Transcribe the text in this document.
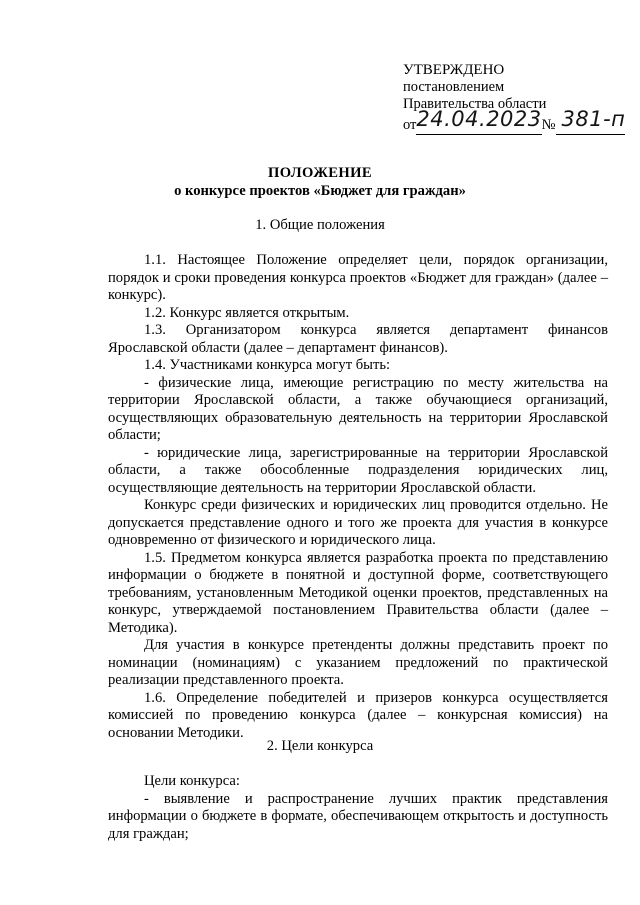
УТВЕРЖДЕНО
постановлением
Правительства области
от 24.04.2023 № 381-п
ПОЛОЖЕНИЕ
о конкурсе проектов «Бюджет для граждан»
1. Общие положения

1.1. Настоящее Положение определяет цели, порядок организации, порядок и сроки проведения конкурса проектов «Бюджет для граждан» (далее – конкурс).

1.2. Конкурс является открытым.

1.3. Организатором конкурса является департамент финансов Ярославской области (далее – департамент финансов).

1.4. Участниками конкурса могут быть:

- физические лица, имеющие регистрацию по месту жительства на территории Ярославской области, а также обучающиеся организаций, осуществляющих образовательную деятельность на территории Ярославской области;

- юридические лица, зарегистрированные на территории Ярославской области, а также обособленные подразделения юридических лиц, осуществляющие деятельность на территории Ярославской области.

Конкурс среди физических и юридических лиц проводится отдельно. Не допускается представление одного и того же проекта для участия в конкурсе одновременно от физического и юридического лица.

1.5. Предметом конкурса является разработка проекта по представлению информации о бюджете в понятной и доступной форме, соответствующего требованиям, установленным Методикой оценки проектов, представленных на конкурс, утверждаемой постановлением Правительства области (далее – Методика).

Для участия в конкурсе претенденты должны представить проект по номинации (номинациям) с указанием предложений по практической реализации представленного проекта.

1.6. Определение победителей и призеров конкурса осуществляется комиссией по проведению конкурса (далее – конкурсная комиссия) на основании Методики.

2. Цели конкурса

Цели конкурса:

- выявление и распространение лучших практик представления информации о бюджете в формате, обеспечивающем открытость и доступность для граждан;
